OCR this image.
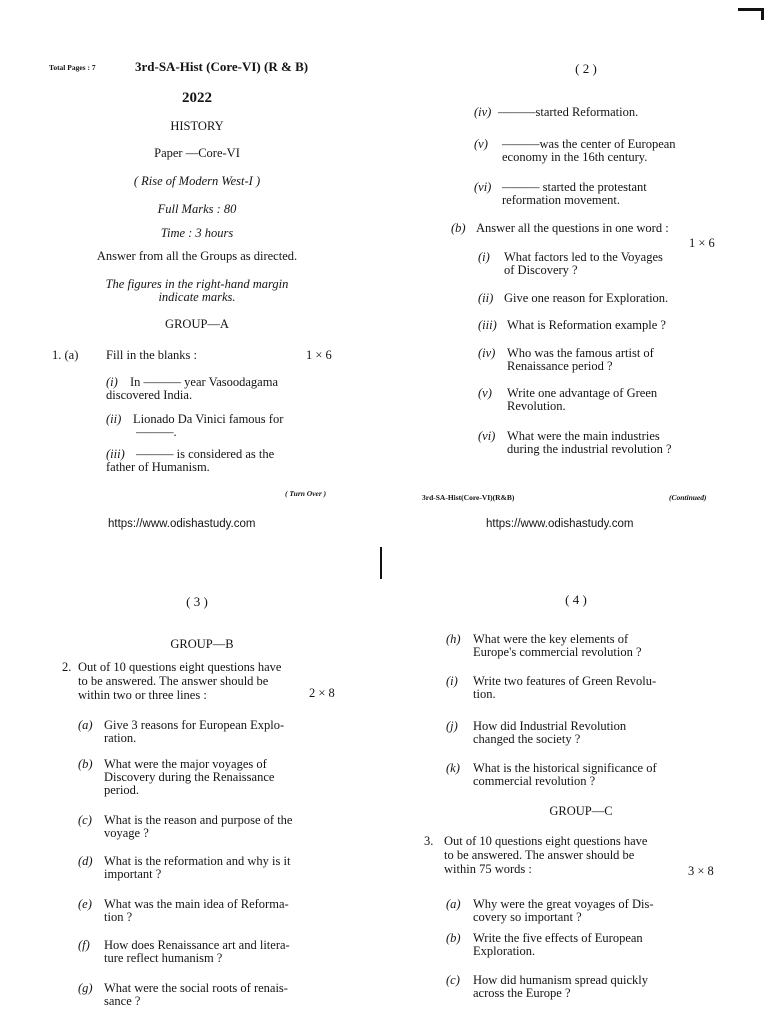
Total Pages : 7	3rd-SA-Hist (Core-VI) (R & B)
2022
HISTORY
Paper —Core-VI
( Rise of Modern West-I )
Full Marks : 80
Time : 3 hours
Answer from all the Groups as directed.
The figures in the right-hand margin
indicate marks.
GROUP—A
1. (a) Fill in the blanks :	1 × 6
(i) In ——— year Vasoodagama
discovered India.
(ii) Lionado Da Vinici famous for
———.
(iii) ——— is considered as the
father of Humanism.
( Turn Over )
https://www.odishastudy.com
( 2 )
(iv) ———started Reformation.
(v) ———was the center of European
economy in the 16th century.
(vi) ——— started the protestant
reformation movement.
(b) Answer all the questions in one word :
1 × 6
(i) What factors led to the Voyages
of Discovery ?
(ii) Give one reason for Exploration.
(iii) What is Reformation example ?
(iv) Who was the famous artist of
Renaissance period ?
(v) Write one advantage of Green
Revolution.
(vi) What were the main industries
during the industrial revolution ?
3rd-SA-Hist(Core-VI)(R&B)	(Continued)
https://www.odishastudy.com
( 3 )
GROUP—B
2. Out of 10 questions eight questions have
to be answered. The answer should be
within two or three lines :	2 × 8
(a) Give 3 reasons for European Explo-
ration.
(b) What were the major voyages of
Discovery during the Renaissance
period.
(c) What is the reason and purpose of the
voyage ?
(d) What is the reformation and why is it
important ?
(e) What was the main idea of Reforma-
tion ?
(f) How does Renaissance art and litera-
ture reflect humanism ?
(g) What were the social roots of renais-
sance ?
( 4 )
(h) What were the key elements of
Europe's commercial revolution ?
(i) Write two features of Green Revolu-
tion.
(j) How did Industrial Revolution
changed the society ?
(k) What is the historical significance of
commercial revolution ?
GROUP—C
3. Out of 10 questions eight questions have
to be answered. The answer should be
within 75 words :	3 × 8
(a) Why were the great voyages of Dis-
covery so important ?
(b) Write the five effects of European
Exploration.
(c) How did humanism spread quickly
across the Europe ?
